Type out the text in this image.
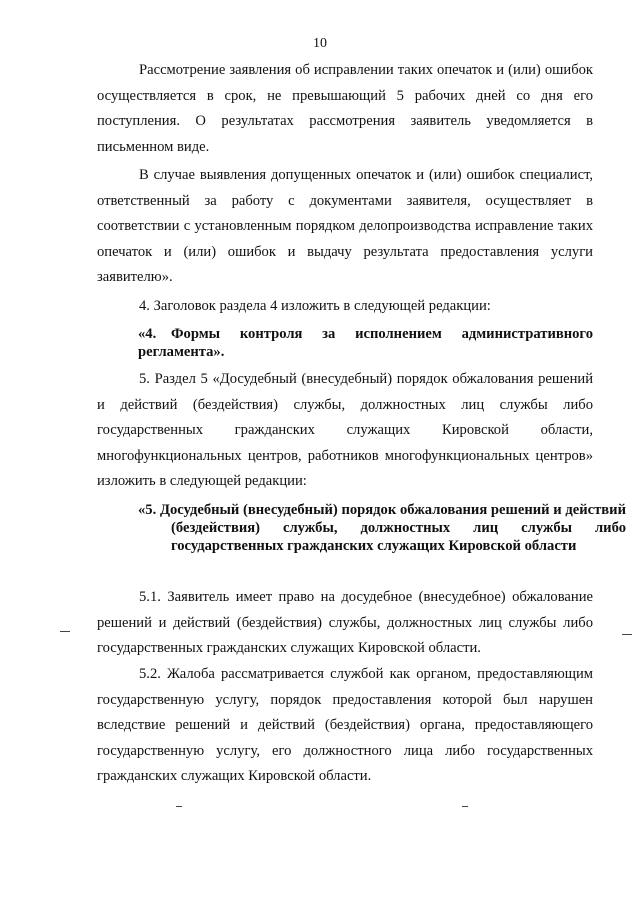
10

Рассмотрение заявления об исправлении таких опечаток и (или) ошибок осуществляется в срок, не превышающий 5 рабочих дней со дня его поступления. О результатах рассмотрения заявитель уведомляется в письменном виде.

В случае выявления допущенных опечаток и (или) ошибок специалист, ответственный за работу с документами заявителя, осуществляет в соответствии с установленным порядком делопроизводства исправление таких опечаток и (или) ошибок и выдачу результата предоставления услуги заявителю».

4. Заголовок раздела 4 изложить в следующей редакции:

«4. Формы контроля за исполнением административного регламента».

5. Раздел 5 «Досудебный (внесудебный) порядок обжалования решений и действий (бездействия) службы, должностных лиц службы либо государственных гражданских служащих Кировской области, многофункциональных центров, работников многофункциональных центров» изложить в следующей редакции:

«5. Досудебный (внесудебный) порядок обжалования решений и действий (бездействия) службы, должностных лиц службы либо государственных гражданских служащих Кировской области

5.1. Заявитель имеет право на досудебное (внесудебное) обжалование решений и действий (бездействия) службы, должностных лиц службы либо государственных гражданских служащих Кировской области.

5.2. Жалоба рассматривается службой как органом, предоставляющим государственную услугу, порядок предоставления которой был нарушен вследствие решений и действий (бездействия) органа, предоставляющего государственную услугу, его должностного лица либо государственных гражданских служащих Кировской области.
